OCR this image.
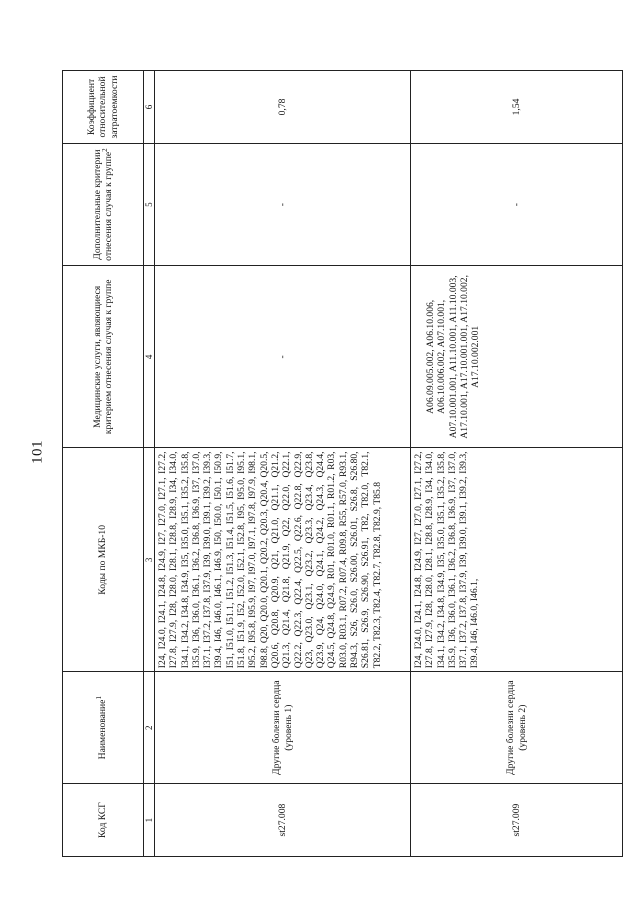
101
Код КСГ	Наименование$^1$	Коды по МКБ-10	Медицинские услуги, являющиеся критерием отнесения случая к группе	Дополнительные критерии отнесения случая к группе$^2$	Коэффициент относительной затратоемкости
1	2	3	4	5	6
st27.008	Другие болезни сердца (уровень 1)	I24, I24.0, I24.1, I24.8, I24.9, I27, I27.0, I27.1, I27.2, I27.8, I27.9, I28, I28.0, I28.1, I28.8, I28.9, I34, I34.0, I34.1, I34.2, I34.8, I34.9, I35, I35.0, I35.1, I35.2, I35.8, I35.9, I36, I36.0, I36.1, I36.2, I36.8, I36.9, I37, I37.0, I37.1, I37.2, I37.8, I37.9, I39, I39.0, I39.1, I39.2, I39.3, I39.4, I46, I46.0, I46.1, I46.9, I50, I50.0, I50.1, I50.9, I51, I51.0, I51.1, I51.2, I51.3, I51.4, I51.5, I51.6, I51.7, I51.8, I51.9, I52, I52.0, I52.1, I52.8, I95, I95.0, I95.1, I95.2, I95.8, I95.9, I97, I97.0, I97.1, I97.8, I97.9, I98.1, I98.8, Q20, Q20.0, Q20.1, Q20.2, Q20.3, Q20.4, Q20.5, Q20.6, Q20.8, Q20.9, Q21, Q21.0, Q21.1, Q21.2, Q21.3, Q21.4, Q21.8, Q21.9, Q22, Q22.0, Q22.1, Q22.2, Q22.3, Q22.4, Q22.5, Q22.6, Q22.8, Q22.9, Q23, Q23.0, Q23.1, Q23.2, Q23.3, Q23.4, Q23.8, Q23.9, Q24, Q24.0, Q24.1, Q24.2, Q24.3, Q24.4, Q24.5, Q24.8, Q24.9, R01, R01.0, R01.1, R01.2, R03, R03.0, R03.1, R07.2, R07.4, R09.8, R55, R57.0, R93.1, R94.3, S26, S26.0, S26.00, S26.01, S26.8, S26.80, S26.81, S26.9, S26.90, S26.91, T82, T82.0, T82.1, T82.2, T82.3, T82.4, T82.7, T82.8, T82.9, T85.8	-	-	0,78
st27.009	Другие болезни сердца (уровень 2)	I24, I24.0, I24.1, I24.8, I24.9, I27, I27.0, I27.1, I27.2, I27.8, I27.9, I28, I28.0, I28.1, I28.8, I28.9, I34, I34.0, I34.1, I34.2, I34.8, I34.9, I35, I35.0, I35.1, I35.2, I35.8, I35.9, I36, I36.0, I36.1, I36.2, I36.8, I36.9, I37, I37.0, I37.1, I37.2, I37.8, I37.9, I39, I39.0, I39.1, I39.2, I39.3, I39.4, I46, I46.0, I46.1,	A06.09.005.002, A06.10.006, A06.10.006.002, A07.10.001, A07.10.001.001, A11.10.001, A11.10.003, A17.10.001, A17.10.001.001, A17.10.002, A17.10.002.001	-	1,54
